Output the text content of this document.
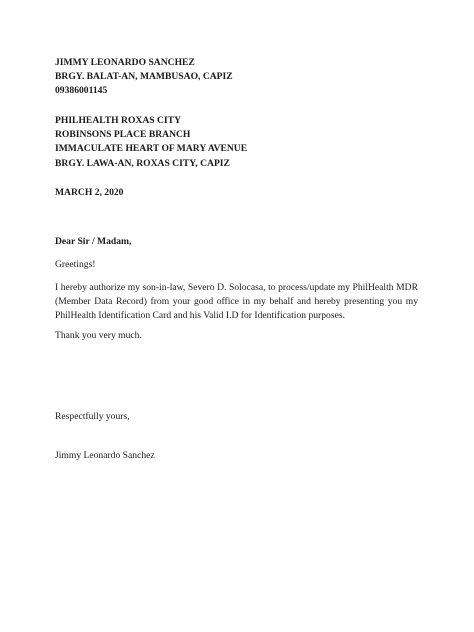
JIMMY LEONARDO SANCHEZ
BRGY. BALAT-AN, MAMBUSAO, CAPIZ
09386001145
PHILHEALTH ROXAS CITY
ROBINSONS PLACE BRANCH
IMMACULATE HEART OF MARY AVENUE
BRGY. LAWA-AN, ROXAS CITY, CAPIZ
MARCH 2, 2020
Dear Sir / Madam,
Greetings!
I hereby authorize my son-in-law, Severo D. Solocasa, to process/update my PhilHealth MDR
(Member Data Record) from your good office in my behalf and hereby presenting you my
PhilHealth Identification Card and his Valid I.D for Identification purposes.
Thank you very much.
Respectfully yours,
Jimmy Leonardo Sanchez
